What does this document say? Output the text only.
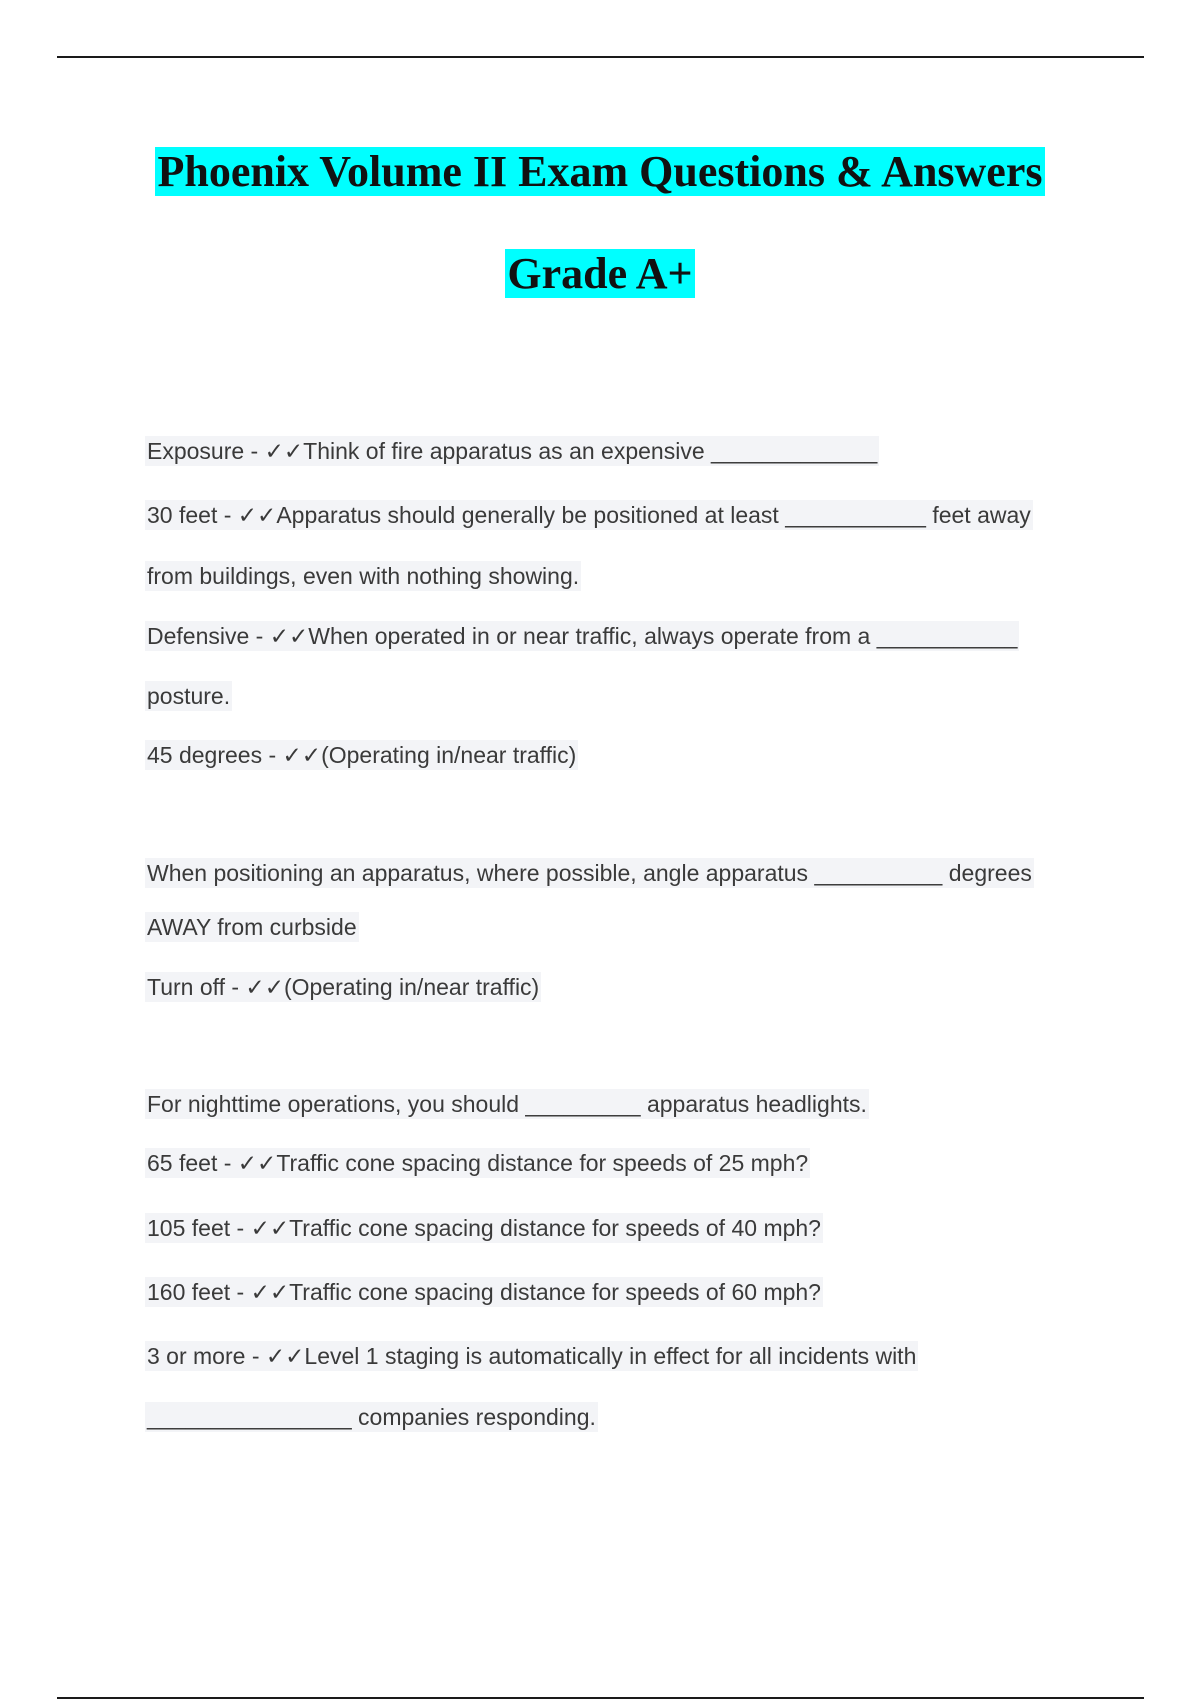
Phoenix Volume II Exam Questions & Answers
Grade A+
Exposure - ✓✓Think of fire apparatus as an expensive _____________
30 feet - ✓✓Apparatus should generally be positioned at least ___________ feet away
from buildings, even with nothing showing.
Defensive - ✓✓When operated in or near traffic, always operate from a ___________
posture.
45 degrees - ✓✓(Operating in/near traffic)
When positioning an apparatus, where possible, angle apparatus __________ degrees
AWAY from curbside
Turn off - ✓✓(Operating in/near traffic)
For nighttime operations, you should _________ apparatus headlights.
65 feet - ✓✓Traffic cone spacing distance for speeds of 25 mph?
105 feet - ✓✓Traffic cone spacing distance for speeds of 40 mph?
160 feet - ✓✓Traffic cone spacing distance for speeds of 60 mph?
3 or more - ✓✓Level 1 staging is automatically in effect for all incidents with
________________ companies responding.
